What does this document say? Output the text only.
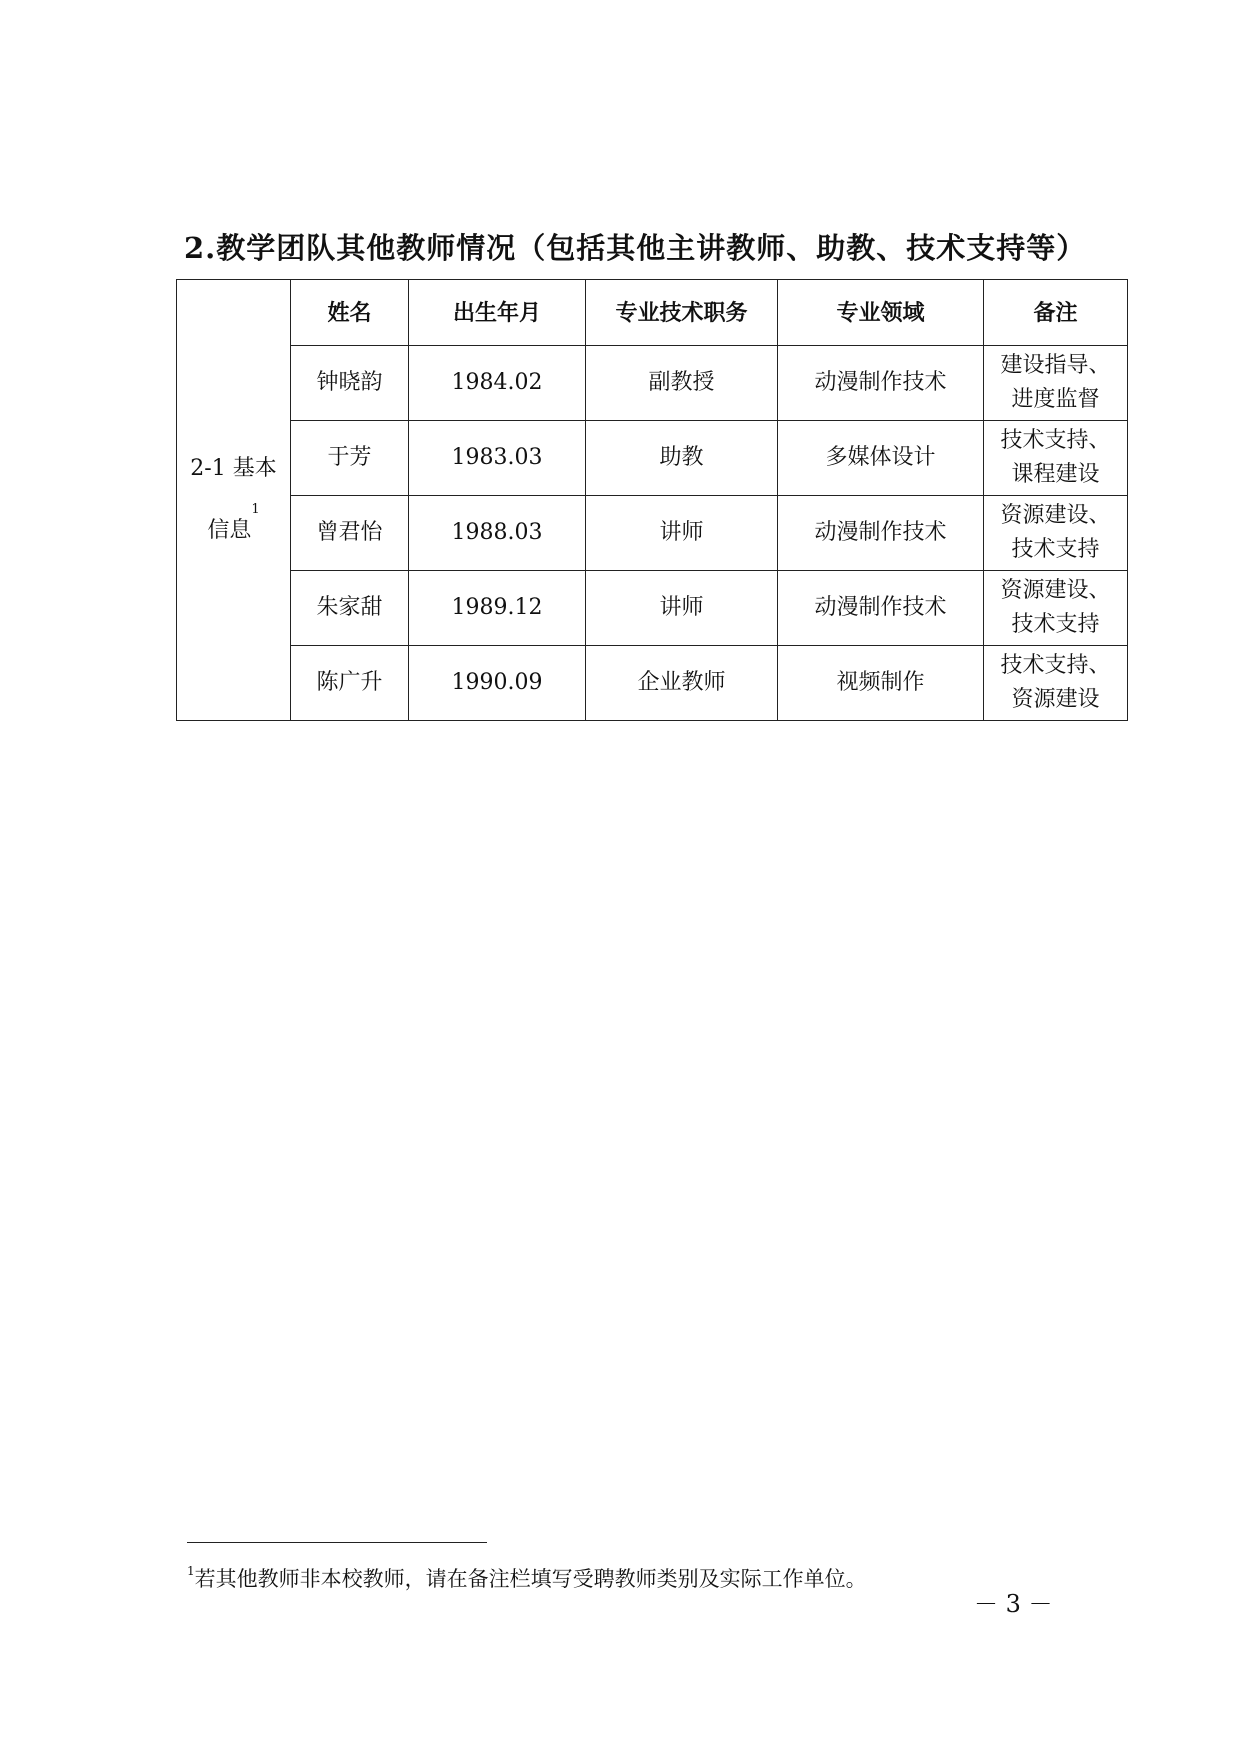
2.教学团队其他教师情况（包括其他主讲教师、助教、技术支持等）
2-1 基本
信息$^1$	姓名	出生年月	专业技术职务	专业领域	备注
	钟晓韵	1984.02	副教授	动漫制作技术	建设指导、
进度监督

	于芳	1983.03	助教	多媒体设计	技术支持、
课程建设

	曾君怡	1988.03	讲师	动漫制作技术	资源建设、
技术支持

	朱家甜	1989.12	讲师	动漫制作技术	资源建设、
技术支持

	陈广升	1990.09	企业教师	视频制作	技术支持、
资源建设
$^1$若其他教师非本校教师，请在备注栏填写受聘教师类别及实际工作单位。
－ 3 －
